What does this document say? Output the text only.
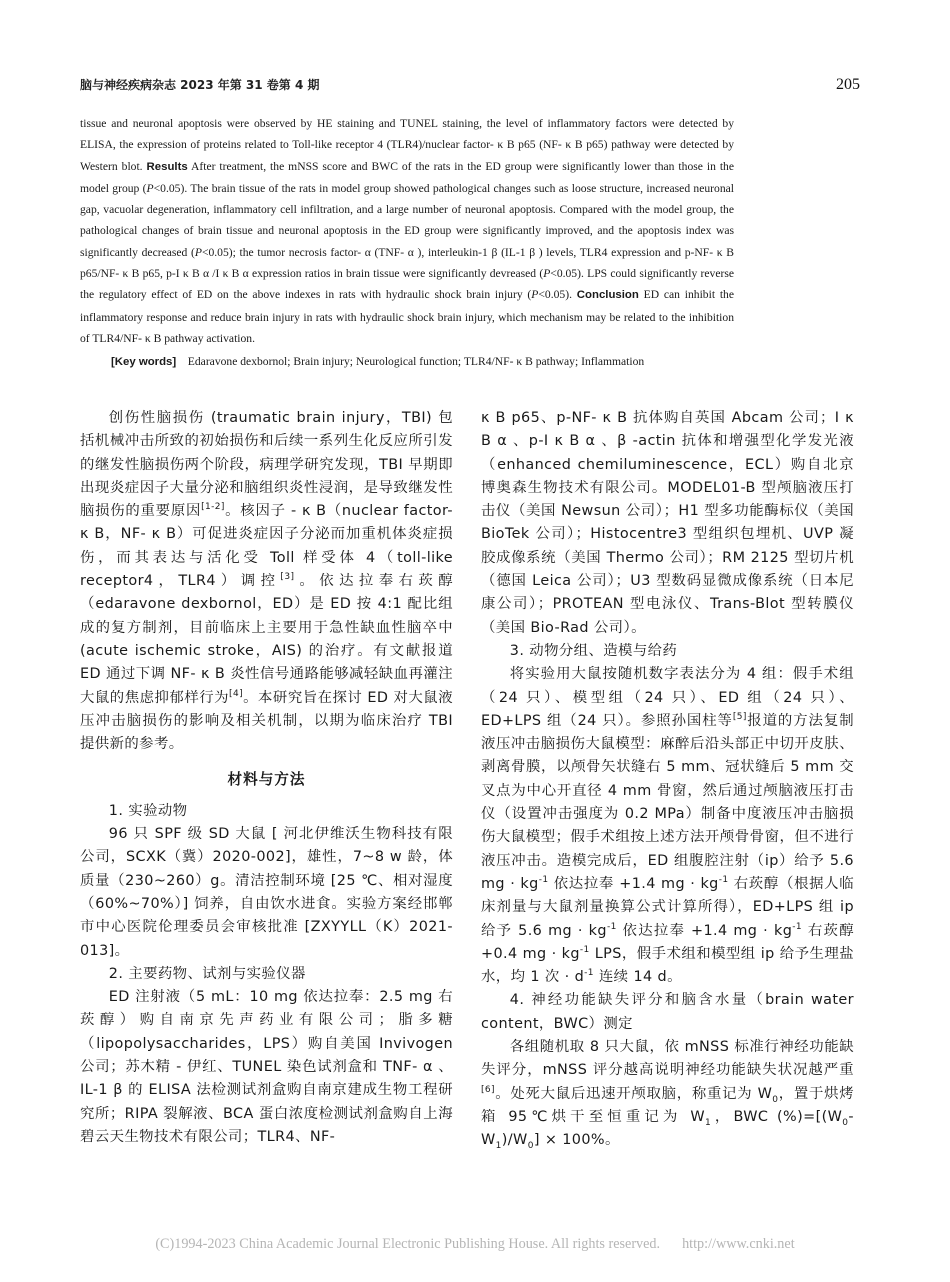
脑与神经疾病杂志 2023 年第 31 卷第 4 期	205

tissue and neuronal apoptosis were observed by HE staining and TUNEL staining, the level of inflammatory factors were detected by ELISA, the expression of proteins related to Toll-like receptor 4 (TLR4)/nuclear factor- κ B p65 (NF- κ B p65) pathway were detected by Western blot. Results After treatment, the mNSS score and BWC of the rats in the ED group were significantly lower than those in the model group (P<0.05). The brain tissue of the rats in model group showed pathological changes such as loose structure, increased neuronal gap, vacuolar degeneration, inflammatory cell infiltration, and a large number of neuronal apoptosis. Compared with the model group, the pathological changes of brain tissue and neuronal apoptosis in the ED group were significantly improved, and the apoptosis index was significantly decreased (P<0.05); the tumor necrosis factor- α (TNF- α ), interleukin-1 β (IL-1 β ) levels, TLR4 expression and p-NF- κ B p65/NF- κ B p65, p-I κ B α /I κ B α expression ratios in brain tissue were significantly devreased (P<0.05). LPS could significantly reverse the regulatory effect of ED on the above indexes in rats with hydraulic shock brain injury (P<0.05). Conclusion ED can inhibit the inflammatory response and reduce brain injury in rats with hydraulic shock brain injury, which mechanism may be related to the inhibition of TLR4/NF- κ B pathway activation.

[Key words] Edaravone dexbornol; Brain injury; Neurological function; TLR4/NF- κ B pathway; Inflammation

创伤性脑损伤 (traumatic brain injury，TBI) 包括机械冲击所致的初始损伤和后续一系列生化反应所引发的继发性脑损伤两个阶段，病理学研究发现，TBI 早期即出现炎症因子大量分泌和脑组织炎性浸润，是导致继发性脑损伤的重要原因[1-2]。核因子 - κ B（nuclear factor- κ B，NF- κ B）可促进炎症因子分泌而加重机体炎症损伤，而其表达与活化受 Toll 样受体 4（toll-like receptor4，TLR4）调控[3]。依达拉奉右莰醇（edaravone dexbornol，ED）是 ED 按 4:1 配比组成的复方制剂，目前临床上主要用于急性缺血性脑卒中 (acute ischemic stroke，AIS) 的治疗。有文献报道 ED 通过下调 NF- κ B 炎性信号通路能够减轻缺血再灌注大鼠的焦虑抑郁样行为[4]。本研究旨在探讨 ED 对大鼠液压冲击脑损伤的影响及相关机制，以期为临床治疗 TBI 提供新的参考。

材料与方法

1. 实验动物

96 只 SPF 级 SD 大鼠 [ 河北伊维沃生物科技有限公司，SCXK（冀）2020-002]，雄性，7~8 w 龄，体质量（230~260）g。清洁控制环境 [25 ℃、相对湿度（60%~70%）] 饲养，自由饮水进食。实验方案经邯郸市中心医院伦理委员会审核批准 [ZXYYLL（K）2021-013]。

2. 主要药物、试剂与实验仪器

ED 注射液（5 mL：10 mg 依达拉奉：2.5 mg 右莰醇）购自南京先声药业有限公司；脂多糖（lipopolysaccharides，LPS）购自美国 Invivogen 公司；苏木精 - 伊红、TUNEL 染色试剂盒和 TNF- α 、IL-1 β 的 ELISA 法检测试剂盒购自南京建成生物工程研究所；RIPA 裂解液、BCA 蛋白浓度检测试剂盒购自上海碧云天生物技术有限公司；TLR4、NF-

κ B p65、p-NF- κ B 抗体购自英国 Abcam 公司；I κ B α 、p-I κ B α 、β -actin 抗体和增强型化学发光液（enhanced chemiluminescence，ECL）购自北京博奥森生物技术有限公司。MODEL01-B 型颅脑液压打击仪（美国 Newsun 公司）；H1 型多功能酶标仪（美国 BioTek 公司）；Histocentre3 型组织包埋机、UVP 凝胶成像系统（美国 Thermo 公司）；RM 2125 型切片机（德国 Leica 公司）；U3 型数码显微成像系统（日本尼康公司）；PROTEAN 型电泳仪、Trans-Blot 型转膜仪（美国 Bio-Rad 公司）。

3. 动物分组、造模与给药

将实验用大鼠按随机数字表法分为 4 组：假手术组（24 只）、模型组（24 只）、ED 组（24 只）、ED+LPS 组（24 只）。参照孙国柱等[5]报道的方法复制液压冲击脑损伤大鼠模型：麻醉后沿头部正中切开皮肤、剥离骨膜，以颅骨矢状缝右 5 mm、冠状缝后 5 mm 交叉点为中心开直径 4 mm 骨窗，然后通过颅脑液压打击仪（设置冲击强度为 0.2 MPa）制备中度液压冲击脑损伤大鼠模型；假手术组按上述方法开颅骨骨窗，但不进行液压冲击。造模完成后，ED 组腹腔注射（ip）给予 5.6 mg · $kg^{-1}$ 依达拉奉 +1.4 mg · $kg^{-1}$ 右莰醇（根据人临床剂量与大鼠剂量换算公式计算所得），ED+LPS 组 ip 给予 5.6 mg · $kg^{-1}$ 依达拉奉 +1.4 mg · $kg^{-1}$ 右莰醇 +0.4 mg · $kg^{-1}$ LPS，假手术组和模型组 ip 给予生理盐水，均 1 次 · $d^{-1}$ 连续 14 d。

4. 神经功能缺失评分和脑含水量（brain water content，BWC）测定

各组随机取 8 只大鼠，依 mNSS 标准行神经功能缺失评分，mNSS 评分越高说明神经功能缺失状况越严重[6]。处死大鼠后迅速开颅取脑，称重记为 $W_0$，置于烘烤箱 95℃烘干至恒重记为 $W_1$，BWC $(\%)=[(W_0-W_1)/W_0] \times 100\%$。

(C)1994-2023 China Academic Journal Electronic Publishing House. All rights reserved. http://www.cnki.net
